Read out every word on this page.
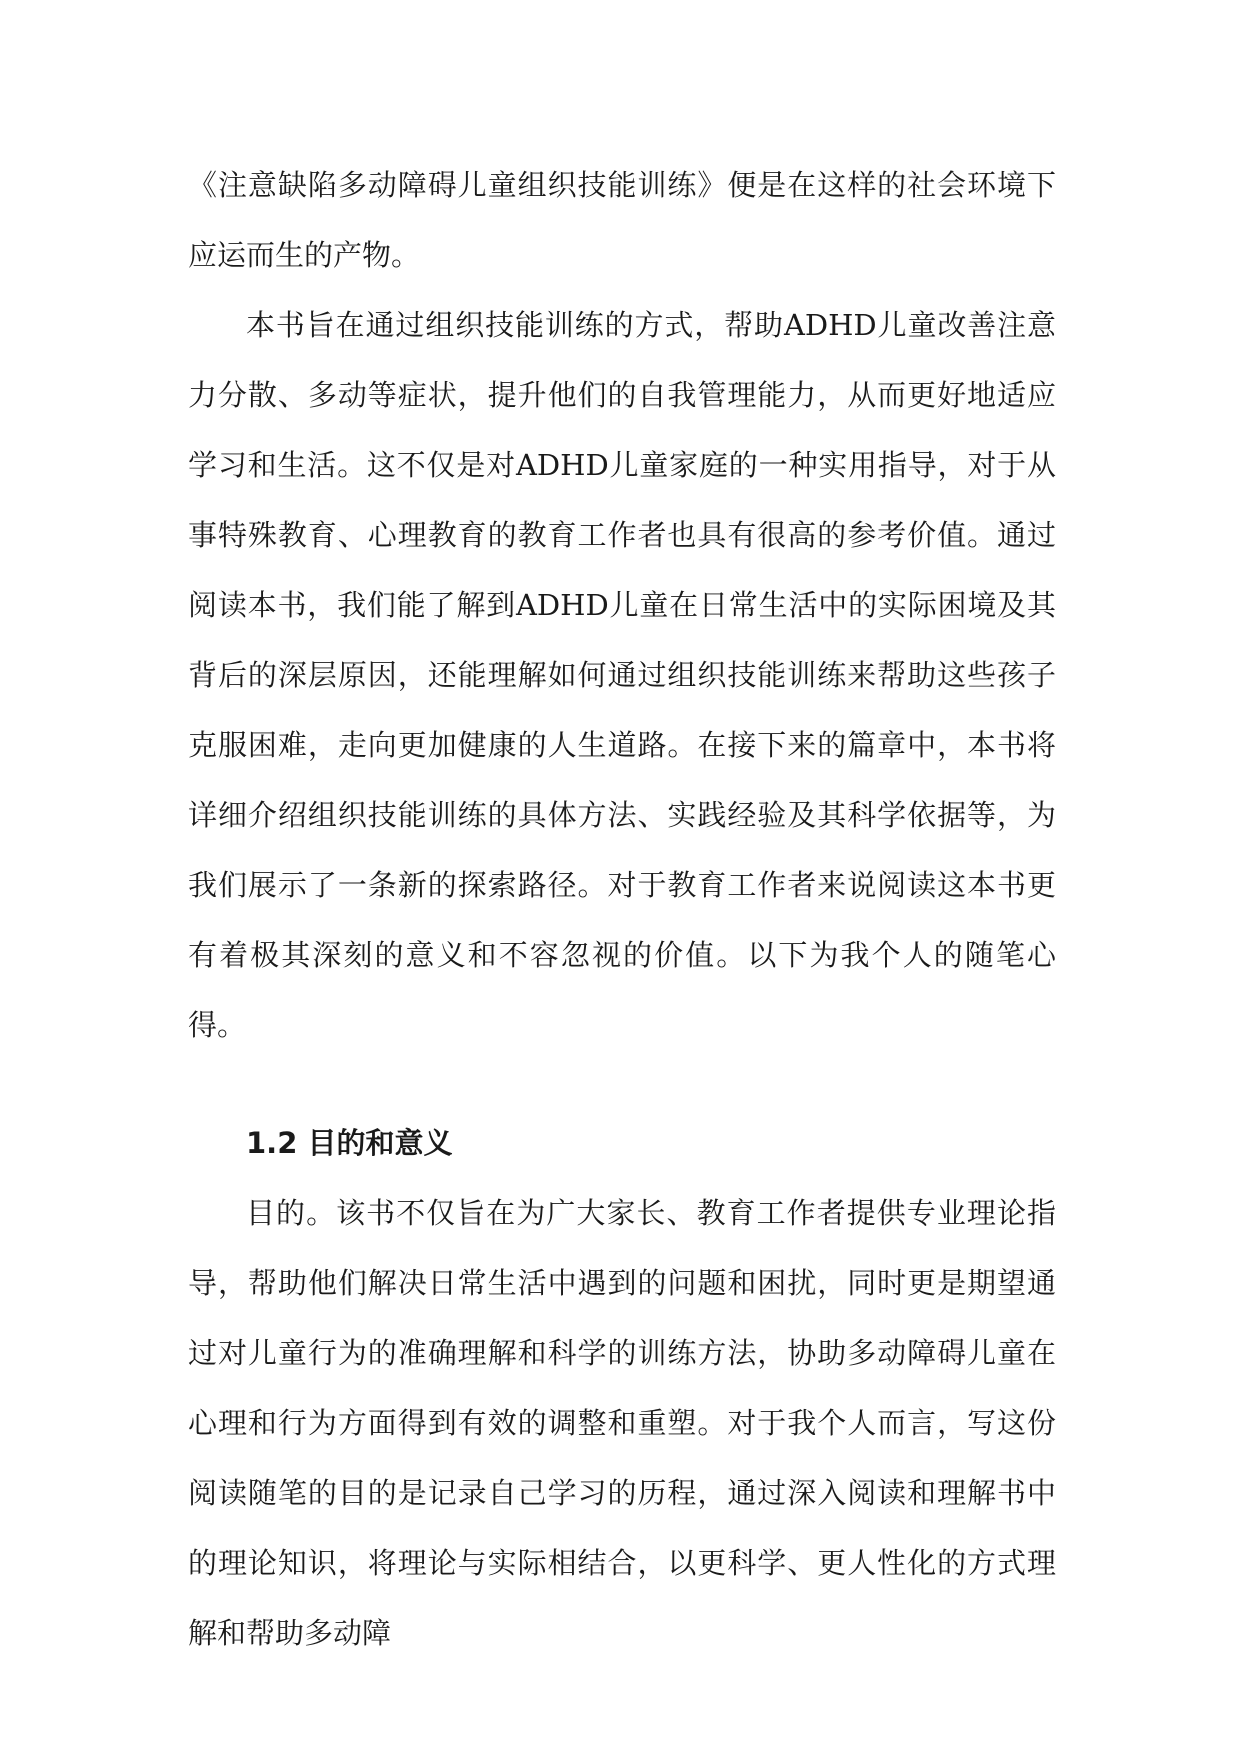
《注意缺陷多动障碍儿童组织技能训练》便是在这样的社会环境下应运而生的产物。

本书旨在通过组织技能训练的方式，帮助ADHD儿童改善注意力分散、多动等症状，提升他们的自我管理能力，从而更好地适应学习和生活。这不仅是对ADHD儿童家庭的一种实用指导，对于从事特殊教育、心理教育的教育工作者也具有很高的参考价值。通过阅读本书，我们能了解到ADHD儿童在日常生活中的实际困境及其背后的深层原因，还能理解如何通过组织技能训练来帮助这些孩子克服困难，走向更加健康的人生道路。在接下来的篇章中，本书将详细介绍组织技能训练的具体方法、实践经验及其科学依据等，为我们展示了一条新的探索路径。对于教育工作者来说阅读这本书更有着极其深刻的意义和不容忽视的价值。以下为我个人的随笔心得。

1.2 目的和意义

目的。该书不仅旨在为广大家长、教育工作者提供专业理论指导，帮助他们解决日常生活中遇到的问题和困扰，同时更是期望通过对儿童行为的准确理解和科学的训练方法，协助多动障碍儿童在心理和行为方面得到有效的调整和重塑。对于我个人而言，写这份阅读随笔的目的是记录自己学习的历程，通过深入阅读和理解书中的理论知识，将理论与实际相结合，以更科学、更人性化的方式理解和帮助多动障
